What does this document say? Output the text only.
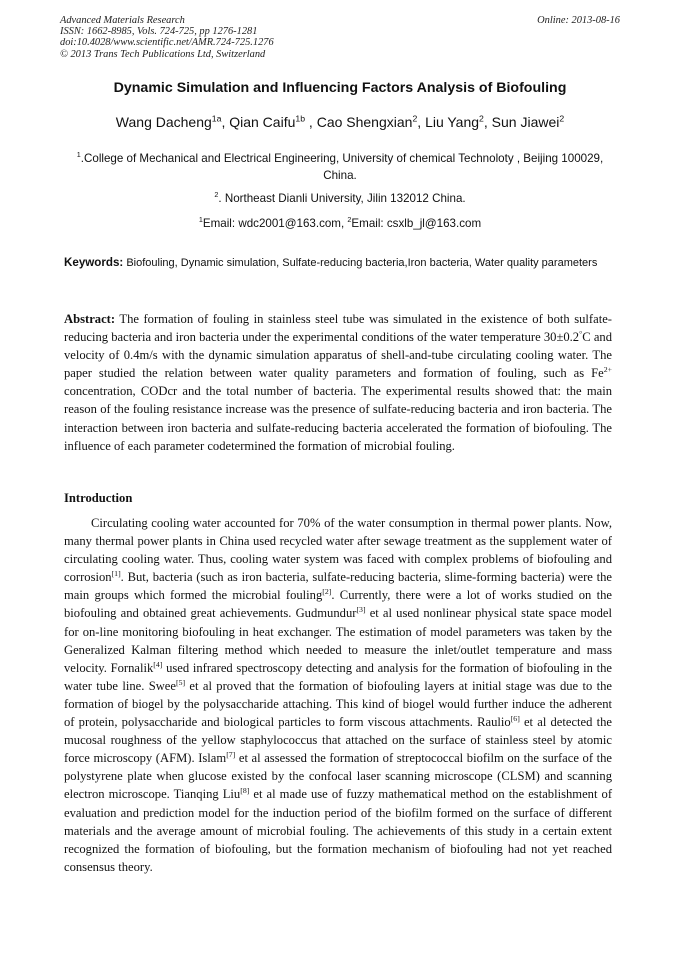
Advanced Materials Research
ISSN: 1662-8985, Vols. 724-725, pp 1276-1281
doi:10.4028/www.scientific.net/AMR.724-725.1276
© 2013 Trans Tech Publications Ltd, Switzerland
Online: 2013-08-16
Dynamic Simulation and Influencing Factors Analysis of Biofouling
Wang Dacheng$^{1a}$, Qian Caifu$^{1b}$ , Cao Shengxian$^2$, Liu Yang$^2$, Sun Jiawei$^2$
$^1$.College of Mechanical and Electrical Engineering, University of chemical Technoloty , Beijing 100029, China.
$^2$. Northeast Dianli University, Jilin 132012 China.
$^1$Email: wdc2001@163.com, $^2$Email: csxlb_jl@163.com
Keywords: Biofouling, Dynamic simulation, Sulfate-reducing bacteria,Iron bacteria, Water quality parameters
Abstract: The formation of fouling in stainless steel tube was simulated in the existence of both sulfate-reducing bacteria and iron bacteria under the experimental conditions of the water temperature 30±0.2°C and velocity of 0.4m/s with the dynamic simulation apparatus of shell-and-tube circulating cooling water. The paper studied the relation between water quality parameters and formation of fouling, such as $Fe^{2+}$ concentration, CODcr and the total number of bacteria. The experimental results showed that: the main reason of the fouling resistance increase was the presence of sulfate-reducing bacteria and iron bacteria. The interaction between iron bacteria and sulfate-reducing bacteria accelerated the formation of biofouling. The influence of each parameter codetermined the formation of microbial fouling.
Introduction
Circulating cooling water accounted for 70% of the water consumption in thermal power plants. Now, many thermal power plants in China used recycled water after sewage treatment as the supplement water of circulating cooling water. Thus, cooling water system was faced with complex problems of biofouling and corrosion[1]. But, bacteria (such as iron bacteria, sulfate-reducing bacteria, slime-forming bacteria) were the main groups which formed the microbial fouling[2]. Currently, there were a lot of works studied on the biofouling and obtained great achievements. Gudmundur[3] et al used nonlinear physical state space model for on-line monitoring biofouling in heat exchanger. The estimation of model parameters was taken by the Generalized Kalman filtering method which needed to measure the inlet/outlet temperature and mass velocity. Fornalik[4] used infrared spectroscopy detecting and analysis for the formation of biofouling in the water tube line. Swee[5] et al proved that the formation of biofouling layers at initial stage was due to the formation of biogel by the polysaccharide attaching. This kind of biogel would further induce the adherent of protein, polysaccharide and biological particles to form viscous attachments. Raulio[6] et al detected the mucosal roughness of the yellow staphylococcus that attached on the surface of stainless steel by atomic force microscopy (AFM). Islam[7] et al assessed the formation of streptococcal biofilm on the surface of the polystyrene plate when glucose existed by the confocal laser scanning microscope (CLSM) and scanning electron microscope. Tianqing Liu[8] et al made use of fuzzy mathematical method on the establishment of evaluation and prediction model for the induction period of the biofilm formed on the surface of different materials and the average amount of microbial fouling. The achievements of this study in a certain extent recognized the formation of biofouling, but the formation mechanism of biofouling had not yet reached consensus theory.
